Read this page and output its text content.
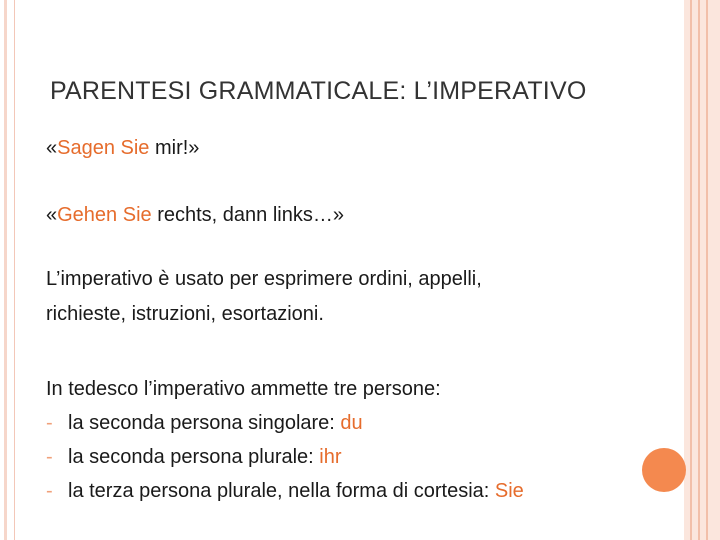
PARENTESI GRAMMATICALE: L’IMPERATIVO
«Sagen Sie mir!»
«Gehen Sie rechts, dann links…»
L’imperativo è usato per esprimere ordini, appelli,
richieste, istruzioni, esortazioni.
In tedesco l’imperativo ammette tre persone:
- la seconda persona singolare: du
- la seconda persona plurale: ihr
- la terza persona plurale, nella forma di cortesia: Sie
